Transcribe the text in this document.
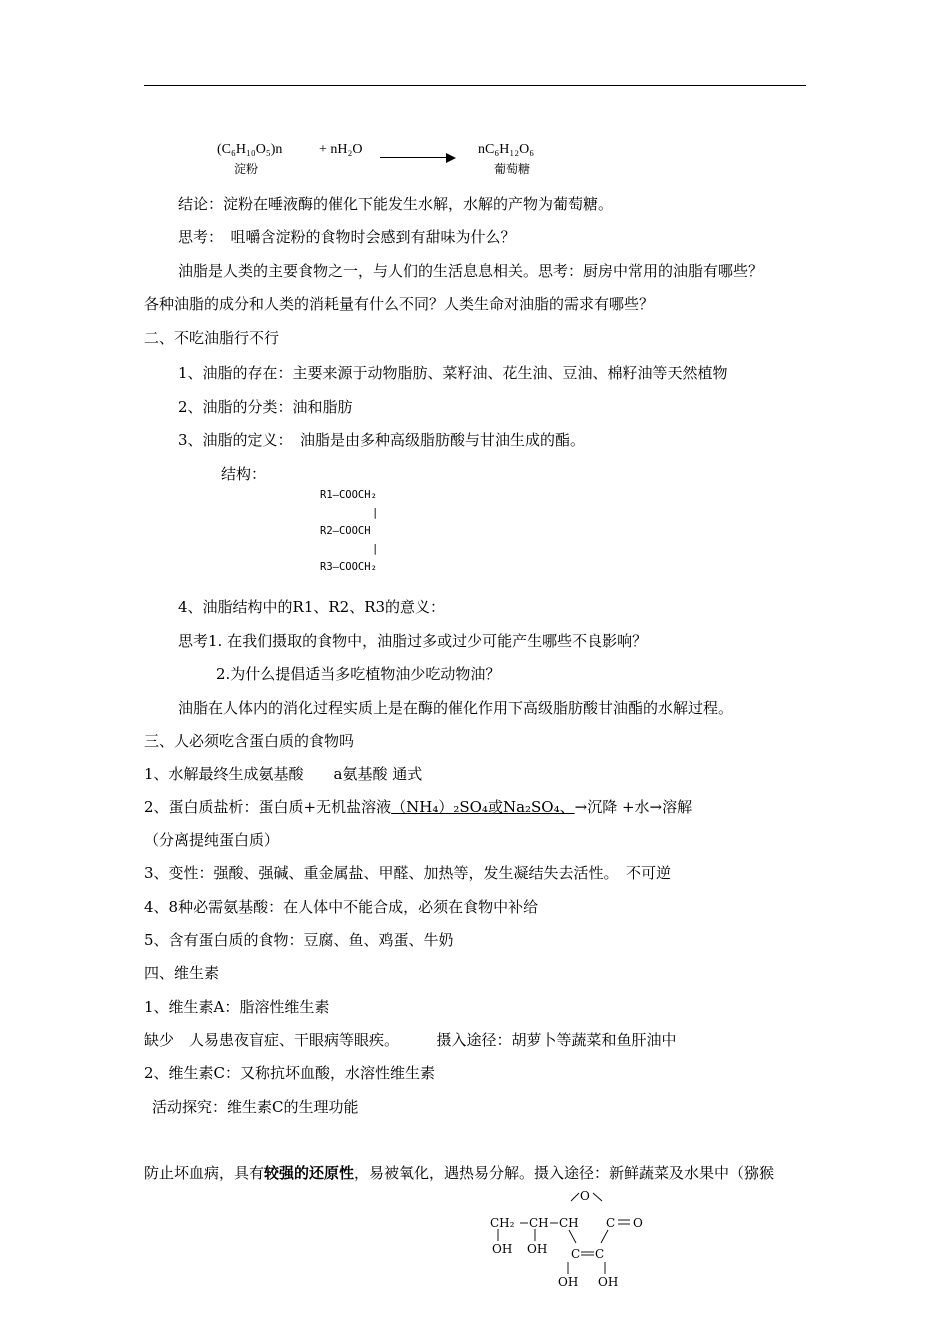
(C₆H₁₀O₅)n
淀粉
+ nH₂O	nC₆H₁₂O₆
葡萄糖
结论：淀粉在唾液酶的催化下能发生水解，水解的产物为葡萄糖。
思考：　咀嚼含淀粉的食物时会感到有甜味为什么？
油脂是人类的主要食物之一，与人们的生活息息相关。思考：厨房中常用的油脂有哪些？
各种油脂的成分和人类的消耗量有什么不同？人类生命对油脂的需求有哪些？
二、不吃油脂行不行
1、油脂的存在：主要来源于动物脂肪、菜籽油、花生油、豆油、棉籽油等天然植物
2、油脂的分类：油和脂肪
3、油脂的定义：　油脂是由多种高级脂肪酸与甘油生成的酯。
结构：
R1—COOCH₂
|
R2—COOCH
|
R3—COOCH₂
4、油脂结构中的R1、R2、R3的意义：
思考1. 在我们摄取的食物中，油脂过多或过少可能产生哪些不良影响？
2.为什么提倡适当多吃植物油少吃动物油？
油脂在人体内的消化过程实质上是在酶的催化作用下高级脂肪酸甘油酯的水解过程。
三、人必须吃含蛋白质的食物吗
1、水解最终生成氨基酸　　a氨基酸 通式
2、蛋白质盐析：蛋白质+无机盐溶液（NH₄）₂SO₄或Na₂SO₄、→沉降 +水→溶解
（分离提纯蛋白质）
3、变性：强酸、强碱、重金属盐、甲醛、加热等，发生凝结失去活性。　不可逆
4、8种必需氨基酸：在人体中不能合成，必须在食物中补给
5、含有蛋白质的食物：豆腐、鱼、鸡蛋、牛奶
四、维生素
1、维生素A：脂溶性维生素
缺少　人易患夜盲症、干眼病等眼疾。　　　摄入途径：胡萝卜等蔬菜和鱼肝油中
2、维生素C：又称抗坏血酸，水溶性维生素
活动探究：维生素C的生理功能
防止坏血病，具有较强的还原性，易被氧化，遇热易分解。摄入途径：新鲜蔬菜及水果中（猕猴
O
CH₂ CH CH C O
OH OH C C
OH OH
